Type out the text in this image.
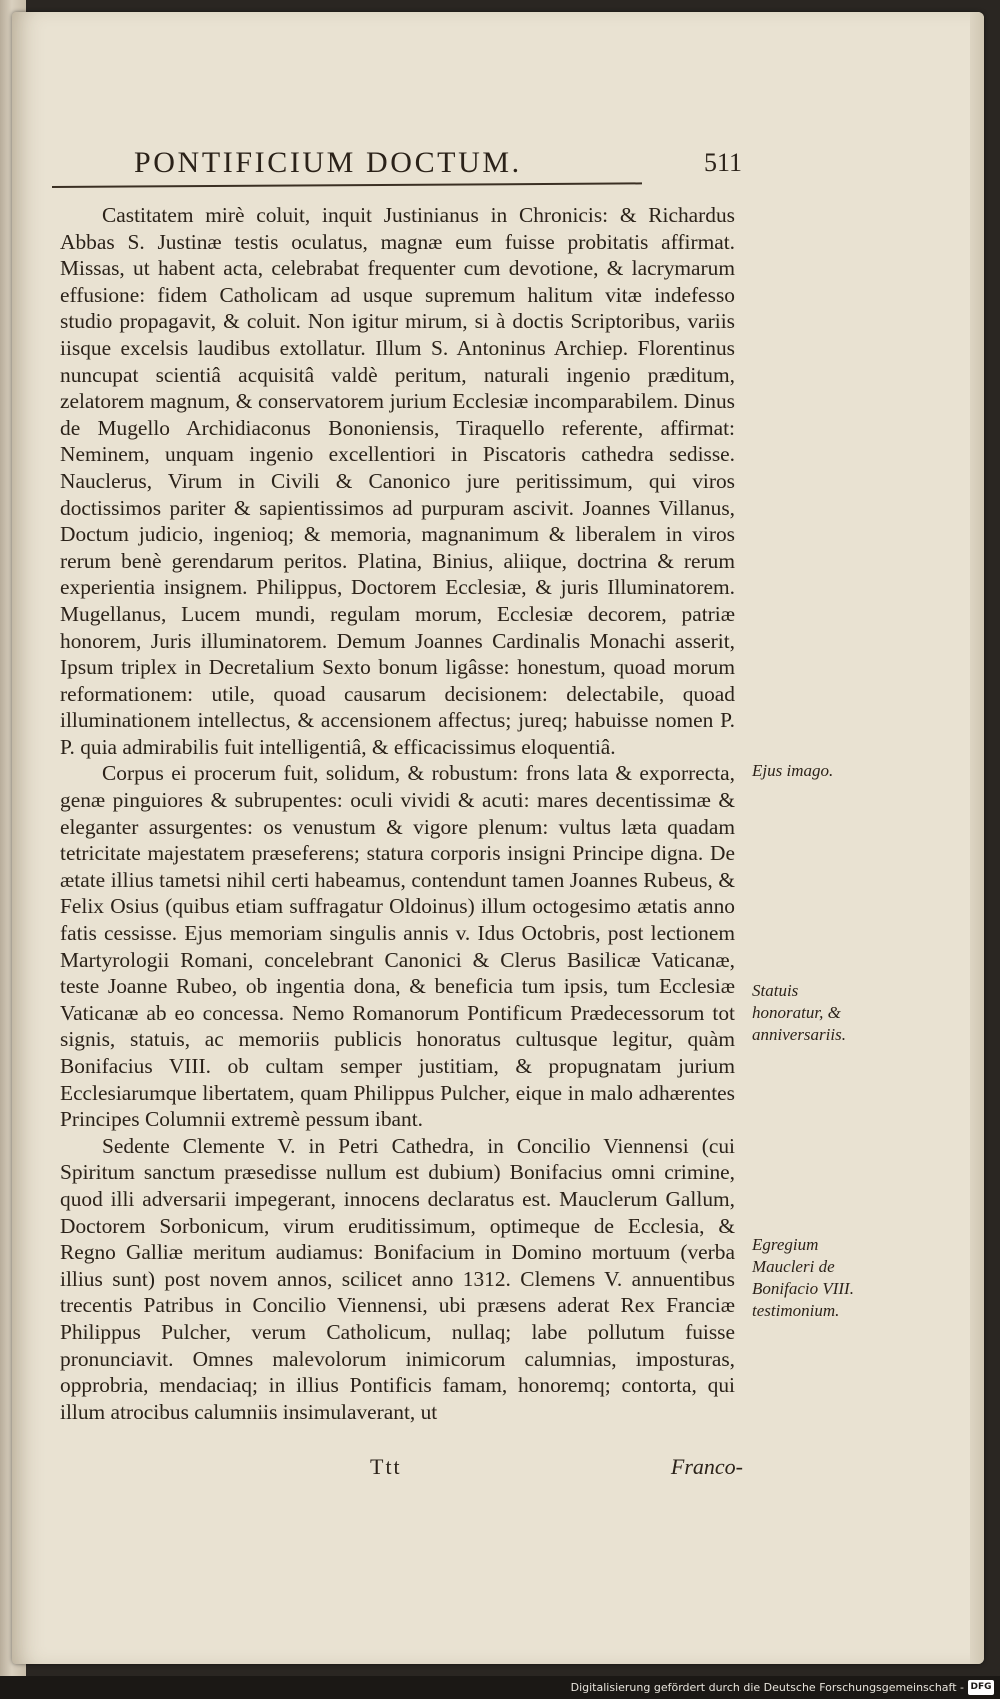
PONTIFICIUM DOCTUM.	511

Castitatem mirè coluit, inquit Justinianus in Chronicis: & Richardus Abbas S. Justinæ testis oculatus, magnæ eum fuisse probitatis affirmat. Missas, ut habent acta, celebrabat frequenter cum devotione, & lacrymarum effusione: fidem Catholicam ad usque supremum halitum vitæ indefesso studio propagavit, & coluit. Non igitur mirum, si à doctis Scriptoribus, variis iisque excelsis laudibus extollatur. Illum S. Antoninus Archiep. Florentinus nuncupat scientiâ acquisitâ valdè peritum, naturali ingenio præditum, zelatorem magnum, & conservatorem jurium Ecclesiæ incomparabilem. Dinus de Mugello Archidiaconus Bononiensis, Tiraquello referente, affirmat: Neminem, unquam ingenio excellentiori in Piscatoris cathedra sedisse. Nauclerus, Virum in Civili & Canonico jure peritissimum, qui viros doctissimos pariter & sapientissimos ad purpuram ascivit. Joannes Villanus, Doctum judicio, ingenioq; & memoria, magnanimum & liberalem in viros rerum benè gerendarum peritos. Platina, Binius, aliique, doctrina & rerum experientia insignem. Philippus, Doctorem Ecclesiæ, & juris Illuminatorem. Mugellanus, Lucem mundi, regulam morum, Ecclesiæ decorem, patriæ honorem, Juris illuminatorem. Demum Joannes Cardinalis Monachi asserit, Ipsum triplex in Decretalium Sexto bonum ligâsse: honestum, quoad morum reformationem: utile, quoad causarum decisionem: delectabile, quoad illuminationem intellectus, & accensionem affectus; jureq; habuisse nomen P. P. quia admirabilis fuit intelligentiâ, & efficacissimus eloquentiâ.

Corpus ei procerum fuit, solidum, & robustum: frons lata & exporrecta, genæ pinguiores & subrupentes: oculi vividi & acuti: mares decentissimæ & eleganter assurgentes: os venustum & vigore plenum: vultus læta quadam tetricitate majestatem præseferens; statura corporis insigni Principe digna. De ætate illius tametsi nihil certi habeamus, contendunt tamen Joannes Rubeus, & Felix Osius (quibus etiam suffragatur Oldoinus) illum octogesimo ætatis anno fatis cessisse. Ejus memoriam singulis annis v. Idus Octobris, post lectionem Martyrologii Romani, concelebrant Canonici & Clerus Basilicæ Vaticanæ, teste Joanne Rubeo, ob ingentia dona, & beneficia tum ipsis, tum Ecclesiæ Vaticanæ ab eo concessa. Nemo Romanorum Pontificum Prædecessorum tot signis, statuis, ac memoriis publicis honoratus cultusque legitur, quàm Bonifacius VIII. ob cultam semper justitiam, & propugnatam jurium Ecclesiarumque libertatem, quam Philippus Pulcher, eique in malo adhærentes Principes Columnii extremè pessum ibant.

Sedente Clemente V. in Petri Cathedra, in Concilio Viennensi (cui Spiritum sanctum præsedisse nullum est dubium) Bonifacius omni crimine, quod illi adversarii impegerant, innocens declaratus est. Mauclerum Gallum, Doctorem Sorbonicum, virum eruditissimum, optimeque de Ecclesia, & Regno Galliæ meritum audiamus: Bonifacium in Domino mortuum (verba illius sunt) post novem annos, scilicet anno 1312. Clemens V. annuentibus trecentis Patribus in Concilio Viennensi, ubi præsens aderat Rex Franciæ Philippus Pulcher, verum Catholicum, nullaq; labe pollutum fuisse pronunciavit. Omnes malevolorum inimicorum calumnias, imposturas, opprobria, mendaciaq; in illius Pontificis famam, honoremq; contorta, qui illum atrocibus calumniis insimulaverant, ut

Ejus imago.
Statuis honoratur, & anniversariis.
Egregium Maucleri de Bonifacio VIII. testimonium.
Ttt	Franco-
Digitalisierung gefördert durch die Deutsche Forschungsgemeinschaft - DFG
